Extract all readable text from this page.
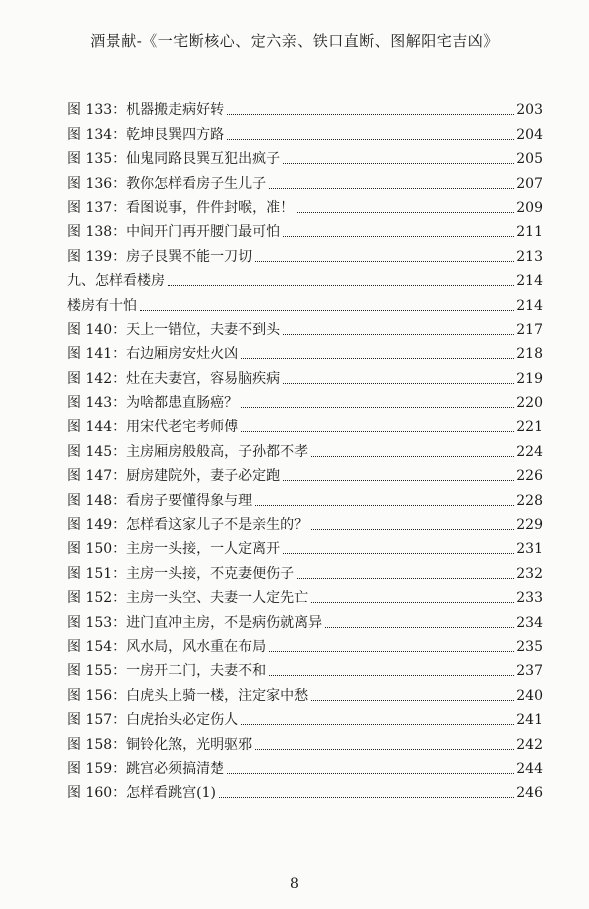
酒景献-《一宅断核心、定六亲、铁口直断、图解阳宅吉凶》
图 133：机器搬走病好转	203
图 134：乾坤艮巽四方路	204
图 135：仙鬼同路艮巽互犯出疯子	205
图 136：教你怎样看房子生儿子	207
图 137：看图说事，件件封喉，准！	209
图 138：中间开门再开腰门最可怕	211
图 139：房子艮巽不能一刀切	213
九、怎样看楼房	214
楼房有十怕	214
图 140：天上一错位，夫妻不到头	217
图 141：右边厢房安灶火凶	218
图 142：灶在夫妻宫，容易脑疾病	219
图 143：为啥都患直肠癌？	220
图 144：用宋代老宅考师傅	221
图 145：主房厢房般般高，子孙都不孝	224
图 147：厨房建院外，妻子必定跑	226
图 148：看房子要懂得象与理	228
图 149：怎样看这家儿子不是亲生的？	229
图 150：主房一头接，一人定离开	231
图 151：主房一头接，不克妻便伤子	232
图 152：主房一头空、夫妻一人定先亡	233
图 153：进门直冲主房，不是病伤就离异	234
图 154：风水局，风水重在布局	235
图 155：一房开二门，夫妻不和	237
图 156：白虎头上骑一楼，注定家中愁	240
图 157：白虎抬头必定伤人	241
图 158：铜铃化煞，光明驱邪	242
图 159：跳宫必须搞清楚	244
图 160：怎样看跳宫(1)	246
8
